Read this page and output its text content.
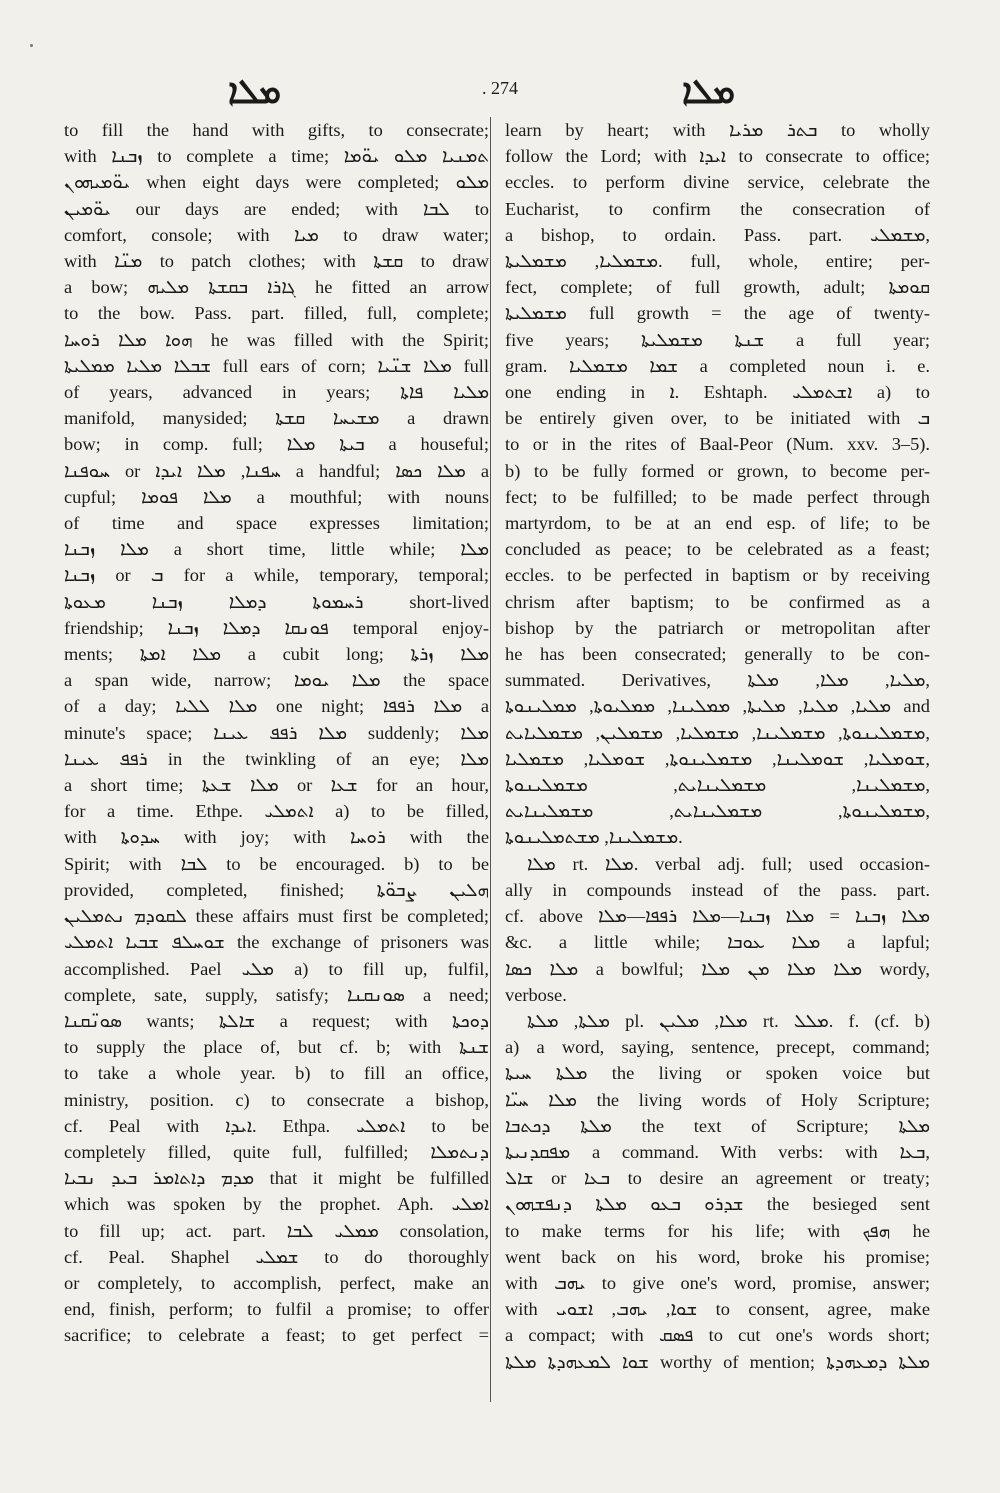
ܡܠܐ	. 274	ܡܠܐ
to fill the hand with gifts, to consecrate;
with ܙܒܢܐ to complete a time; ܬܡܢܝܐ ܡܠܘ ܝܘ̈ܡܐ
ܝܘ̈ܡܝܗܘܢ when eight days were completed; ܡܠܘ
ܝܘ̈ܡܝܢ our days are ended; with ܠܒܐ to
comfort, console; with ܡܝܐ to draw water;
with ܡܢ̈ܐ to patch clothes; with ܩܫܬܐ to draw
a bow; ܓܐܪܐ ܒܩܫܬܐ ܡܠܝܗ he fitted an arrow
to the bow. Pass. part. filled, full, complete;
ܗܘܐ ܡܠܐ ܪܘܚܐ he was filled with the Spirit;
ܫܒܠܐ ܡܠܝܐ ܡܡܠܝܬܐ full ears of corn; ܡܠܐ ܫܢ̈ܝܐ full
of years, advanced in years; ܡܠܝܐ ܦܐܬܐ
manifold, manysided; ܡܫܝܚܐ ܩܫܬܐ a drawn
bow; in comp. full; ܒܝܬܐ ܡܠܐ a houseful;
ܚܘܦܢܐ or ܚܦܢܐ, ܡܠܐ ܐܝܕܐ a handful; ܡܠܐ ܟܣܐ a
cupful; ܡܠܐ ܦܘܡܐ a mouthful; with nouns
of time and space expresses limitation;
ܡܠܐ ܙܒܢܐ a short time, little while; ܡܠܐ
ܙܒܢܐ or ܒ for a while, temporary, temporal;
ܪܚܡܘܬܐ ܕܡܠܐ ܙܒܢܐ ܡܥܘܬܐ short-lived
friendship; ܦܘܢܩܐ ܕܡܠܐ ܙܒܢܐ temporal enjoy-
ments; ܡܠܐ ܐܡܬܐ a cubit long; ܡܠܐ ܙܪܬܐ
a span wide, narrow; ܡܠܐ ܝܘܡܐ the space
of a day; ܡܠܐ ܠܠܝܐ one night; ܡܠܐ ܪܦܦܐ a
minute's space; ܡܠܐ ܪܦܦ ܥܝܢܐ suddenly; ܡܠܐ
ܪܦܦ ܥܝܢܐ in the twinkling of an eye; ܡܠܐ
a short time; ܡܠܐ ܫܥܬܐ or ܫܥܐ for an hour,
for a time. Ethpe. ܐܬܡܠܝ a) to be filled,
with ܚܕܘܬܐ with joy; with ܪܘܚܐ with the
Spirit; with ܠܒܐ to be encouraged. b) to be
provided, completed, finished; ܗܠܝܢ ܨܒܘ̈ܬܐ
ܠܩܘܕܡ ܢܬܡܠܝܢ these affairs must first be completed;
ܫܘܚܠܦ ܫܒܝܐ ܐܬܡܠܝ the exchange of prisoners was
accomplished. Pael ܡܠܝ a) to fill up, fulfil,
complete, sate, supply, satisfy; ܣܘܢܩܢܐ a need;
ܣܘܢ̈ܩܢܐ wants; ܫܐܠܬܐ a request; with ܕܘܟܬܐ
to supply the place of, but cf. b; with ܫܢܬܐ
to take a whole year. b) to fill an office,
ministry, position. c) to consecrate a bishop,
cf. Peal with ܐܝܕܐ. Ethpa. ܐܬܡܠܝ to be
completely filled, quite full, fulfilled; ܕܢܬܡܠܐ
ܡܕܡ ܕܐܬܐܡܪ ܒܝܕ ܢܒܝܐ that it might be fulfilled
which was spoken by the prophet. Aph. ܐܡܠܝ
to fill up; act. part. ܡܡܠܝ ܠܒܐ consolation,
cf. Peal. Shaphel ܫܡܠܝ to do thoroughly
or completely, to accomplish, perfect, make an
end, finish, perform; to fulfil a promise; to offer
sacrifice; to celebrate a feast; to get perfect =
learn by heart; with ܒܬܪ ܡܪܝܐ to wholly
follow the Lord; with ܐܝܕܐ to consecrate to office;
eccles. to perform divine service, celebrate the
Eucharist, to confirm the consecration of
a bishop, to ordain. Pass. part. ܡܫܡܠܝ,
ܡܫܡܠܝܐ, ܡܫܡܠܝܬܐ. full, whole, entire; per-
fect, complete; of full growth, adult; ܩܘܡܬܐ
ܡܫܡܠܝܬܐ full growth = the age of twenty-
five years; ܫܢܬܐ ܡܫܡܠܝܬܐ a full year;
gram. ܫܡܐ ܡܫܡܠܝܐ a completed noun i. e.
one ending in ܐ. Eshtaph. ܐܫܬܡܠܝ a) to
be entirely given over, to be initiated with ܒ
to or in the rites of Baal-Peor (Num. xxv. 3–5).
b) to be fully formed or grown, to become per-
fect; to be fulfilled; to be made perfect through
martyrdom, to be at an end esp. of life; to be
concluded as peace; to be celebrated as a feast;
eccles. to be perfected in baptism or by receiving
chrism after baptism; to be confirmed as a
bishop by the patriarch or metropolitan after
he has been consecrated; generally to be con-
summated. Derivatives, ܡܠܝܐ, ܡܠܐ, ܡܠܬܐ,
ܡܠܝܐ, ܡܠܝܐ, ܡܠܝܬܐ, ܡܡܠܝܢܐ, ܡܡܠܝܘܬܐ, ܡܡܠܝܢܘܬܐ and
ܡܫܡܠܝܢܘܬܐ, ܡܫܡܠܝܢܐ, ܡܫܡܠܝܐ, ܡܫܡܠܝܢ, ܡܫܡܠܝܐܝܬ,
ܫܘܡܠܝܐ, ܫܘܡܠܝܢܐ, ܡܫܡܠܝܢܘܬܐ, ܫܘܡܠܝܐ, ܡܫܡܠܝܐ,
ܡܫܡܠܝܢܐ, ܡܫܡܠܝܢܐܝܬ, ܡܫܡܠܝܢܘܬܐ,
ܡܫܡܠܝܢܘܬܐ, ܡܫܡܠܝܢܐܝܬ, ܡܫܡܠܝܢܐܝܬ,
ܡܫܡܠܝܢܐ, ܡܫܬܡܠܝܢܘܬܐ.
ܡܠܐ rt. ܡܠܐ. verbal adj. full; used occasion-
ally in compounds instead of the pass. part.
cf. above ܡܠܐ ܙܒܢܐ = ܡܠܐ ܙܒܢܐ—ܡܠܐ ܪܦܦܐ—ܡܠܐ
&c. a little while; ܡܠܐ ܥܘܒܐ a lapful;
ܡܠܐ ܟܣܐ a bowlful; ܡܠܐ ܡܠܐ ܡܢ ܡܠܐ wordy,
verbose.
ܡܠܬܐ, ܡܠܬܐ pl. ܡܠܐ, ܡܠܝܢ rt. ܡܠܠ. f. (cf. b)
a) a word, saying, sentence, precept, command;
ܡܠܬܐ ܚܝܬܐ the living or spoken voice but
ܡܠܐ ܚܝ̈ܐ the living words of Holy Scripture;
ܡܠܬܐ ܕܟܬܒܐ the text of Scripture; ܡܠܬܐ
ܡܦܩܕܢܝܬܐ a command. With verbs: with ܒܥܐ,
ܫܐܠ or ܒܥܐ to desire an agreement or treaty;
ܫܕܪܘ ܒܥܘ ܡܠܬܐ ܕܢܦܫܗܘܢ the besieged sent
to make terms for his life; with ܗܦܟ he
went back on his word, broke his promise;
with ܝܗܒ to give one's word, promise, answer;
with ܫܘܐ, ܝܗܒ, ܐܫܘܝ to consent, agree, make
a compact; with ܦܣܩ to cut one's words short;
ܫܘܐ ܠܡܥܗܕܬܐ ܡܠܬܐ worthy of mention; ܡܠܬܐ ܕܡܥܗܕܬܐ
